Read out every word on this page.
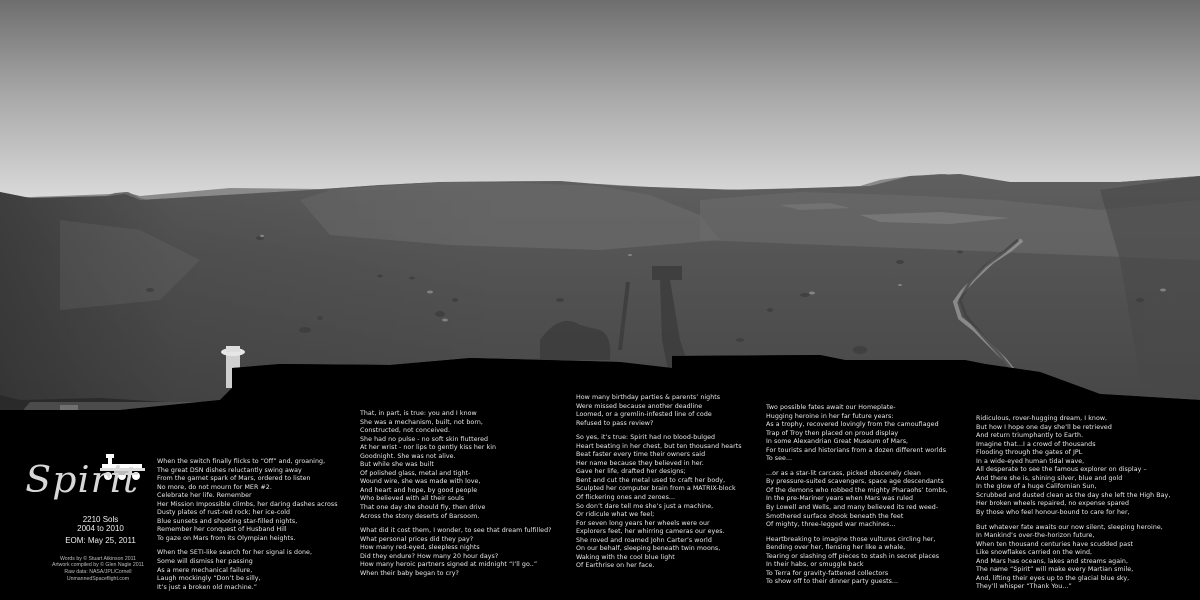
Spirit
2210 Sols
2004 to 2010
EOM: May 25, 2011
Words by © Stuart Atkinson 2011
Artwork compiled by © Glen Nagle 2011
Raw data: NASA/JPL/Cornell
UnmannedSpaceflight.com
When the switch finally flicks to “Off” and, groaning,
The great DSN dishes reluctantly swing away
From the garnet spark of Mars, ordered to listen
No more, do not mourn for MER #2.
Celebrate her life. Remember
Her Mission Impossible climbs, her daring dashes across
Dusty plates of rust-red rock; her ice-cold
Blue sunsets and shooting star-filled nights,
Remember her conquest of Husband Hill
To gaze on Mars from its Olympian heights.
When the SETI-like search for her signal is done,
Some will dismiss her passing
As a mere mechanical failure,
Laugh mockingly “Don’t be silly,
It’s just a broken old machine.”
That, in part, is true: you and I know
She was a mechanism, built, not born,
Constructed, not conceived.
She had no pulse - no soft skin fluttered
At her wrist - nor lips to gently kiss her kin
Goodnight. She was not alive.
But while she was built
Of polished glass, metal and tight-
Wound wire, she was made with love,
And heart and hope, by good people
Who believed with all their souls
That one day she should fly, then drive
Across the stony deserts of Barsoom.
What did it cost them, I wonder, to see that dream fulfilled?
What personal prices did they pay?
How many red-eyed, sleepless nights
Did they endure? How many 20 hour days?
How many heroic partners signed at midnight “I’ll go..”
When their baby began to cry?
How many birthday parties & parents’ nights
Were missed because another deadline
Loomed, or a gremlin-infested line of code
Refused to pass review?
So yes, it’s true: Spirit had no blood-bulged
Heart beating in her chest, but ten thousand hearts
Beat faster every time their owners said
Her name because they believed in her.
Gave her life, drafted her designs;
Bent and cut the metal used to craft her body,
Sculpted her computer brain from a MATRIX-block
Of flickering ones and zeroes...
So don’t dare tell me she’s just a machine,
Or ridicule what we feel;
For seven long years her wheels were our
Explorers feet, her whirring cameras our eyes.
She roved and roamed John Carter’s world
On our behalf, sleeping beneath twin moons,
Waking with the cool blue light
Of Earthrise on her face.
Two possible fates await our Homeplate-
Hugging heroine in her far future years:
As a trophy, recovered lovingly from the camouflaged
Trap of Troy then placed on proud display
In some Alexandrian Great Museum of Mars,
For tourists and historians from a dozen different worlds
To see...
...or as a star-lit carcass, picked obscenely clean
By pressure-suited scavengers, space age descendants
Of the demons who robbed the mighty Pharaohs’ tombs,
In the pre-Mariner years when Mars was ruled
By Lowell and Wells, and many believed its red weed-
Smothered surface shook beneath the feet
Of mighty, three-legged war machines...
Heartbreaking to imagine those vultures circling her,
Bending over her, flensing her like a whale,
Tearing or slashing off pieces to stash in secret places
In their habs, or smuggle back
To Terra for gravity-fattened collectors
To show off to their dinner party guests...
Ridiculous, rover-hugging dream, I know,
But how I hope one day she’ll be retrieved
And return triumphantly to Earth.
Imagine that...I a crowd of thousands
Flooding through the gates of JPL
In a wide-eyed human tidal wave,
All desperate to see the famous explorer on display –
And there she is, shining silver, blue and gold
In the glow of a huge Californian Sun,
Scrubbed and dusted clean as the day she left the High Bay,
Her broken wheels repaired, no expense spared
By those who feel honour-bound to care for her,
But whatever fate awaits our now silent, sleeping heroine,
In Mankind’s over-the-horizon future,
When ten thousand centuries have scudded past
Like snowflakes carried on the wind,
And Mars has oceans, lakes and streams again,
The name “Spirit” will make every Martian smile,
And, lifting their eyes up to the glacial blue sky,
They’ll whisper “Thank You...”
